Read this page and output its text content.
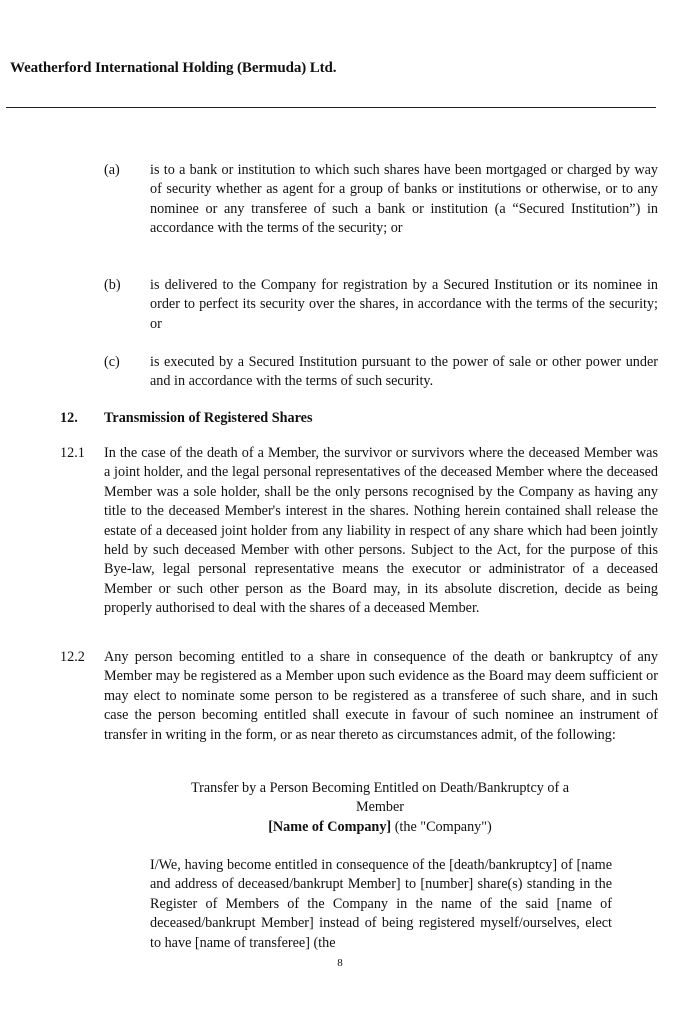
Weatherford International Holding (Bermuda) Ltd.
(a)	is to a bank or institution to which such shares have been mortgaged or charged by way of security whether as agent for a group of banks or institutions or otherwise, or to any nominee or any transferee of such a bank or institution (a “Secured Institution”) in accordance with the terms of the security; or
(b)	is delivered to the Company for registration by a Secured Institution or its nominee in order to perfect its security over the shares, in accordance with the terms of the security; or
(c)	is executed by a Secured Institution pursuant to the power of sale or other power under and in accordance with the terms of such security.
12.	Transmission of Registered Shares
12.1	In the case of the death of a Member, the survivor or survivors where the deceased Member was a joint holder, and the legal personal representatives of the deceased Member where the deceased Member was a sole holder, shall be the only persons recognised by the Company as having any title to the deceased Member's interest in the shares. Nothing herein contained shall release the estate of a deceased joint holder from any liability in respect of any share which had been jointly held by such deceased Member with other persons. Subject to the Act, for the purpose of this Bye-law, legal personal representative means the executor or administrator of a deceased Member or such other person as the Board may, in its absolute discretion, decide as being properly authorised to deal with the shares of a deceased Member.
12.2	Any person becoming entitled to a share in consequence of the death or bankruptcy of any Member may be registered as a Member upon such evidence as the Board may deem sufficient or may elect to nominate some person to be registered as a transferee of such share, and in such case the person becoming entitled shall execute in favour of such nominee an instrument of transfer in writing in the form, or as near thereto as circumstances admit, of the following:
Transfer by a Person Becoming Entitled on Death/Bankruptcy of a
Member
[Name of Company] (the "Company")
I/We, having become entitled in consequence of the [death/bankruptcy] of [name and address of deceased/bankrupt Member] to [number] share(s) standing in the Register of Members of the Company in the name of the said [name of deceased/bankrupt Member] instead of being registered myself/ourselves, elect to have [name of transferee] (the
8
